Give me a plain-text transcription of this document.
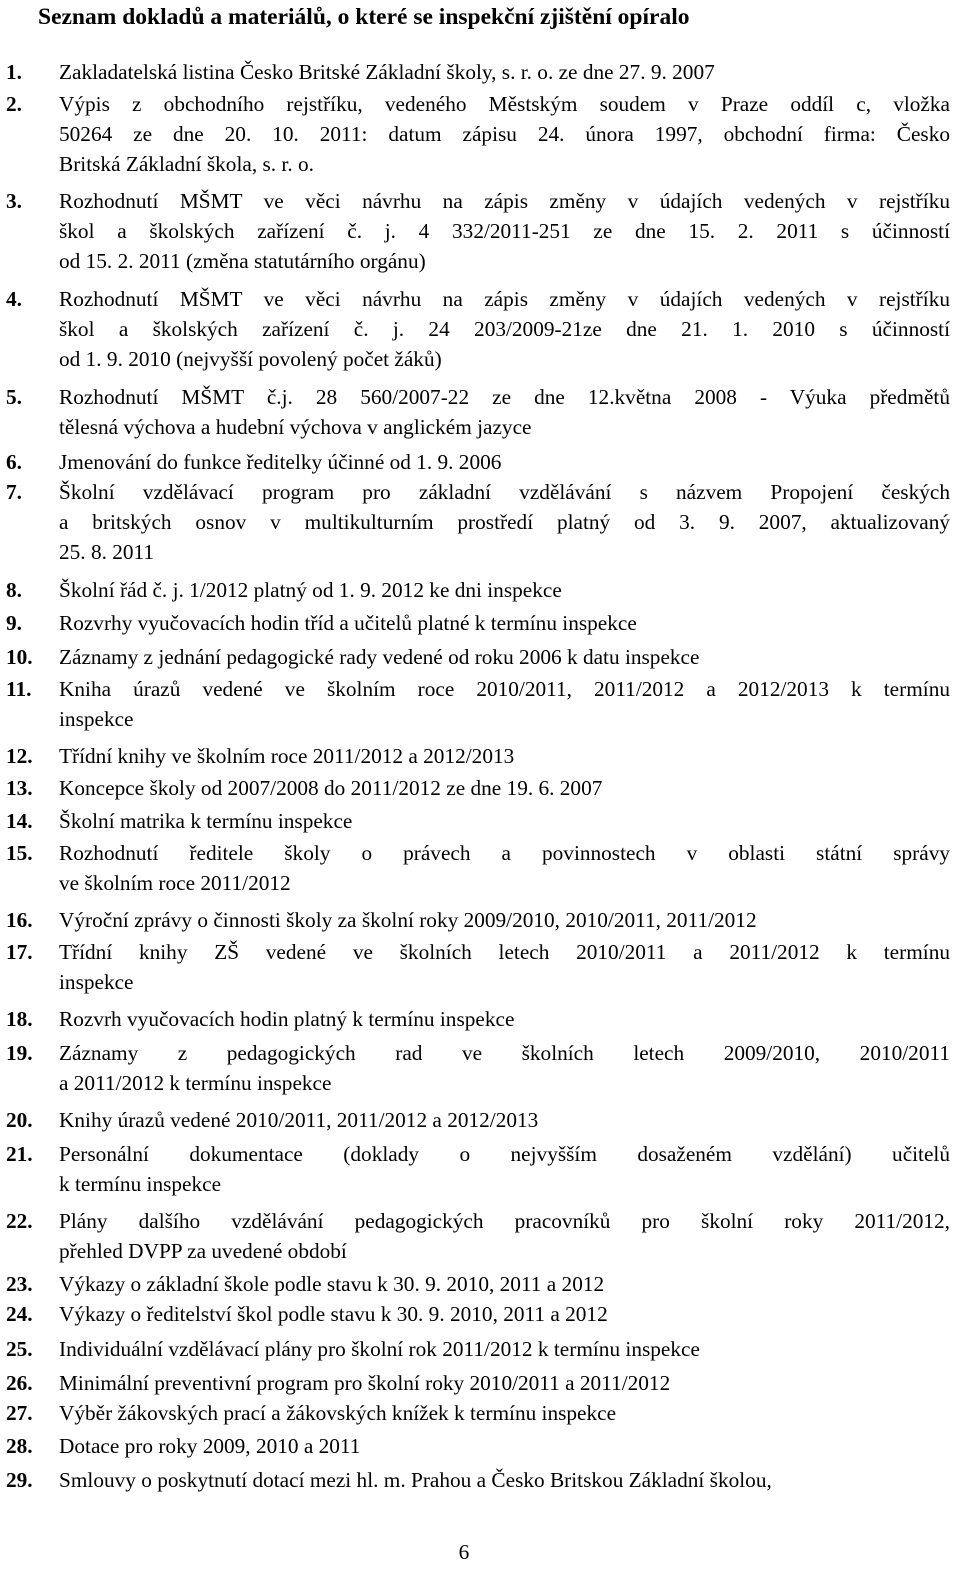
Seznam dokladů a materiálů, o které se inspekční zjištění opíralo
1. Zakladatelská listina Česko Britské Základní školy, s. r. o. ze dne 27. 9. 2007
2. Výpis z obchodního rejstříku, vedeného Městským soudem v Praze oddíl c, vložka
50264 ze dne 20. 10. 2011: datum zápisu 24. února 1997, obchodní firma: Česko
Britská Základní škola, s. r. o.
3. Rozhodnutí MŠMT ve věci návrhu na zápis změny v údajích vedených v rejstříku
škol a školských zařízení č. j. 4 332/2011-251 ze dne 15. 2. 2011 s účinností
od 15. 2. 2011 (změna statutárního orgánu)
4. Rozhodnutí MŠMT ve věci návrhu na zápis změny v údajích vedených v rejstříku
škol a školských zařízení č. j. 24 203/2009-21ze dne 21. 1. 2010 s účinností
od 1. 9. 2010 (nejvyšší povolený počet žáků)
5. Rozhodnutí MŠMT č.j. 28 560/2007-22 ze dne 12.května 2008 - Výuka předmětů
tělesná výchova a hudební výchova v anglickém jazyce
6. Jmenování do funkce ředitelky účinné od 1. 9. 2006
7. Školní vzdělávací program pro základní vzdělávání s názvem Propojení českých
a britských osnov v multikulturním prostředí platný od 3. 9. 2007, aktualizovaný
25. 8. 2011
8. Školní řád č. j. 1/2012 platný od 1. 9. 2012 ke dni inspekce
9. Rozvrhy vyučovacích hodin tříd a učitelů platné k termínu inspekce
10. Záznamy z jednání pedagogické rady vedené od roku 2006 k datu inspekce
11. Kniha úrazů vedené ve školním roce 2010/2011, 2011/2012 a 2012/2013 k termínu
inspekce
12. Třídní knihy ve školním roce 2011/2012 a 2012/2013
13. Koncepce školy od 2007/2008 do 2011/2012 ze dne 19. 6. 2007
14. Školní matrika k termínu inspekce
15. Rozhodnutí ředitele školy o právech a povinnostech v oblasti státní správy
ve školním roce 2011/2012
16. Výroční zprávy o činnosti školy za školní roky 2009/2010, 2010/2011, 2011/2012
17. Třídní knihy ZŠ vedené ve školních letech 2010/2011 a 2011/2012 k termínu
inspekce
18. Rozvrh vyučovacích hodin platný k termínu inspekce
19. Záznamy z pedagogických rad ve školních letech 2009/2010, 2010/2011
a 2011/2012 k termínu inspekce
20. Knihy úrazů vedené 2010/2011, 2011/2012 a 2012/2013
21. Personální dokumentace (doklady o nejvyšším dosaženém vzdělání) učitelů
k termínu inspekce
22. Plány dalšího vzdělávání pedagogických pracovníků pro školní roky 2011/2012,
přehled DVPP za uvedené období
23. Výkazy o základní škole podle stavu k 30. 9. 2010, 2011 a 2012
24. Výkazy o ředitelství škol podle stavu k 30. 9. 2010, 2011 a 2012
25. Individuální vzdělávací plány pro školní rok 2011/2012 k termínu inspekce
26. Minimální preventivní program pro školní roky 2010/2011 a 2011/2012
27. Výběr žákovských prací a žákovských knížek k termínu inspekce
28. Dotace pro roky 2009, 2010 a 2011
29. Smlouvy o poskytnutí dotací mezi hl. m. Prahou a Česko Britskou Základní školou,
6
